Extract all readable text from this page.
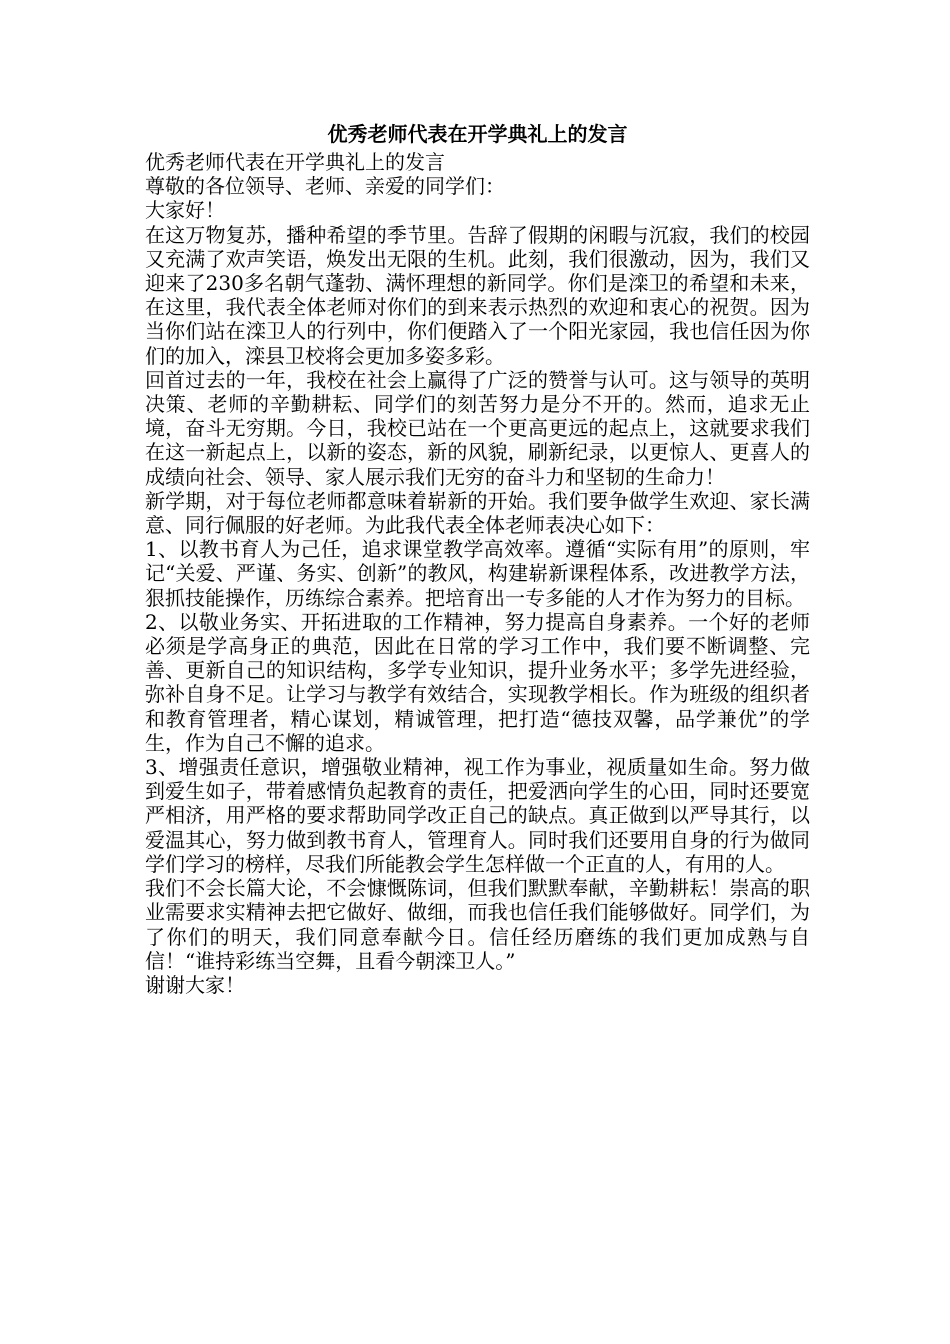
优秀老师代表在开学典礼上的发言

优秀老师代表在开学典礼上的发言

尊敬的各位领导、老师、亲爱的同学们：

大家好！

在这万物复苏，播种希望的季节里。告辞了假期的闲暇与沉寂，我们的校园又充满了欢声笑语，焕发出无限的生机。此刻，我们很激动，因为，我们又迎来了230多名朝气蓬勃、满怀理想的新同学。你们是滦卫的希望和未来，在这里，我代表全体老师对你们的到来表示热烈的欢迎和衷心的祝贺。因为当你们站在滦卫人的行列中，你们便踏入了一个阳光家园，我也信任因为你们的加入，滦县卫校将会更加多姿多彩。

回首过去的一年，我校在社会上赢得了广泛的赞誉与认可。这与领导的英明决策、老师的辛勤耕耘、同学们的刻苦努力是分不开的。然而，追求无止境，奋斗无穷期。今日，我校已站在一个更高更远的起点上，这就要求我们在这一新起点上，以新的姿态，新的风貌，刷新纪录，以更惊人、更喜人的成绩向社会、领导、家人展示我们无穷的奋斗力和坚韧的生命力！

新学期，对于每位老师都意味着崭新的开始。我们要争做学生欢迎、家长满意、同行佩服的好老师。为此我代表全体老师表决心如下：

1、以教书育人为己任，追求课堂教学高效率。遵循“实际有用”的原则，牢记“关爱、严谨、务实、创新”的教风，构建崭新课程体系，改进教学方法，狠抓技能操作，历练综合素养。把培育出一专多能的人才作为努力的目标。

2、以敬业务实、开拓进取的工作精神，努力提高自身素养。一个好的老师必须是学高身正的典范，因此在日常的学习工作中，我们要不断调整、完善、更新自己的知识结构，多学专业知识，提升业务水平；多学先进经验，弥补自身不足。让学习与教学有效结合，实现教学相长。作为班级的组织者和教育管理者，精心谋划，精诚管理，把打造“德技双馨，品学兼优”的学生，作为自己不懈的追求。

3、增强责任意识，增强敬业精神，视工作为事业，视质量如生命。努力做到爱生如子，带着感情负起教育的责任，把爱洒向学生的心田，同时还要宽严相济，用严格的要求帮助同学改正自己的缺点。真正做到以严导其行，以爱温其心，努力做到教书育人，管理育人。同时我们还要用自身的行为做同学们学习的榜样，尽我们所能教会学生怎样做一个正直的人，有用的人。

我们不会长篇大论，不会慷慨陈词，但我们默默奉献，辛勤耕耘！崇高的职业需要求实精神去把它做好、做细，而我也信任我们能够做好。同学们，为了你们的明天，我们同意奉献今日。信任经历磨练的我们更加成熟与自信！“谁持彩练当空舞，且看今朝滦卫人。”

谢谢大家！
